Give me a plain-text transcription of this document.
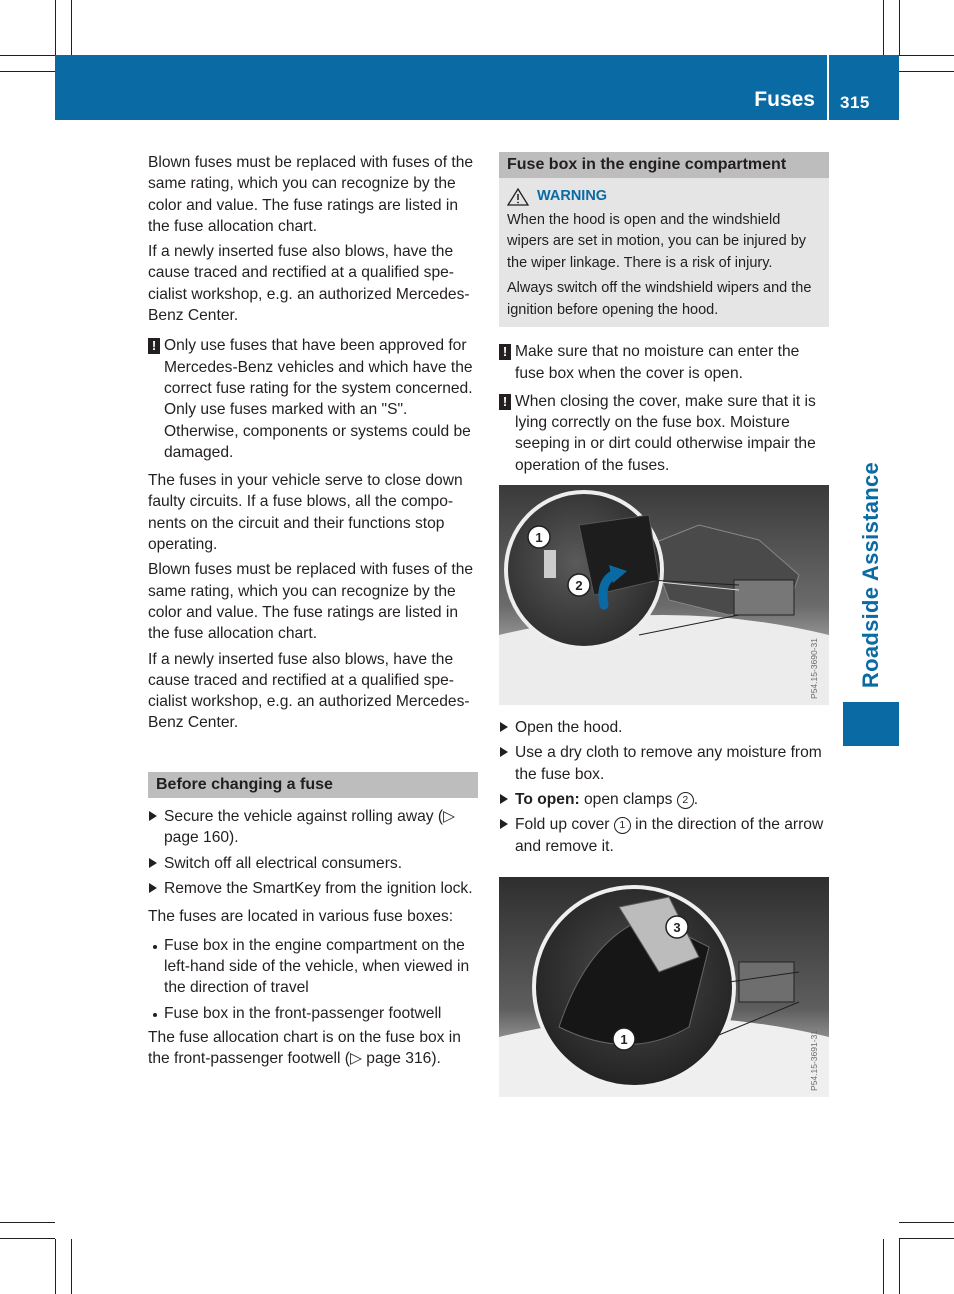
Fuses 315
Roadside Assistance

Blown fuses must be replaced with fuses of the same rating, which you can recognize by the color and value. The fuse ratings are listed in the fuse allocation chart.

If a newly inserted fuse also blows, have the cause traced and rectified at a qualified spe-cialist workshop, e.g. an authorized Mercedes-Benz Center.

! Only use fuses that have been approved for Mercedes-Benz vehicles and which have the correct fuse rating for the system concerned. Only use fuses marked with an "S". Otherwise, components or systems could be damaged.

The fuses in your vehicle serve to close down faulty circuits. If a fuse blows, all the compo-nents on the circuit and their functions stop operating.

Blown fuses must be replaced with fuses of the same rating, which you can recognize by the color and value. The fuse ratings are listed in the fuse allocation chart.

If a newly inserted fuse also blows, have the cause traced and rectified at a qualified spe-cialist workshop, e.g. an authorized Mercedes-Benz Center.

Before changing a fuse
Secure the vehicle against rolling away (▷ page 160).
Switch off all electrical consumers.
Remove the SmartKey from the ignition lock.

The fuses are located in various fuse boxes:

Fuse box in the engine compartment on the left-hand side of the vehicle, when viewed in the direction of travel
Fuse box in the front-passenger footwell

The fuse allocation chart is on the fuse box in the front-passenger footwell (▷ page 316).

Fuse box in the engine compartment
WARNING

When the hood is open and the windshield wipers are set in motion, you can be injured by the wiper linkage. There is a risk of injury.

Always switch off the windshield wipers and the ignition before opening the hood.

! Make sure that no moisture can enter the fuse box when the cover is open.
! When closing the cover, make sure that it is lying correctly on the fuse box. Moisture seeping in or dirt could otherwise impair the operation of the fuses.
1
2
P54.15-3690-31
Open the hood.
Use a dry cloth to remove any moisture from the fuse box.
To open: open clamps 2 .
Fold up cover 1 in the direction of the arrow and remove it.
3
1	P54.15-3691-31
